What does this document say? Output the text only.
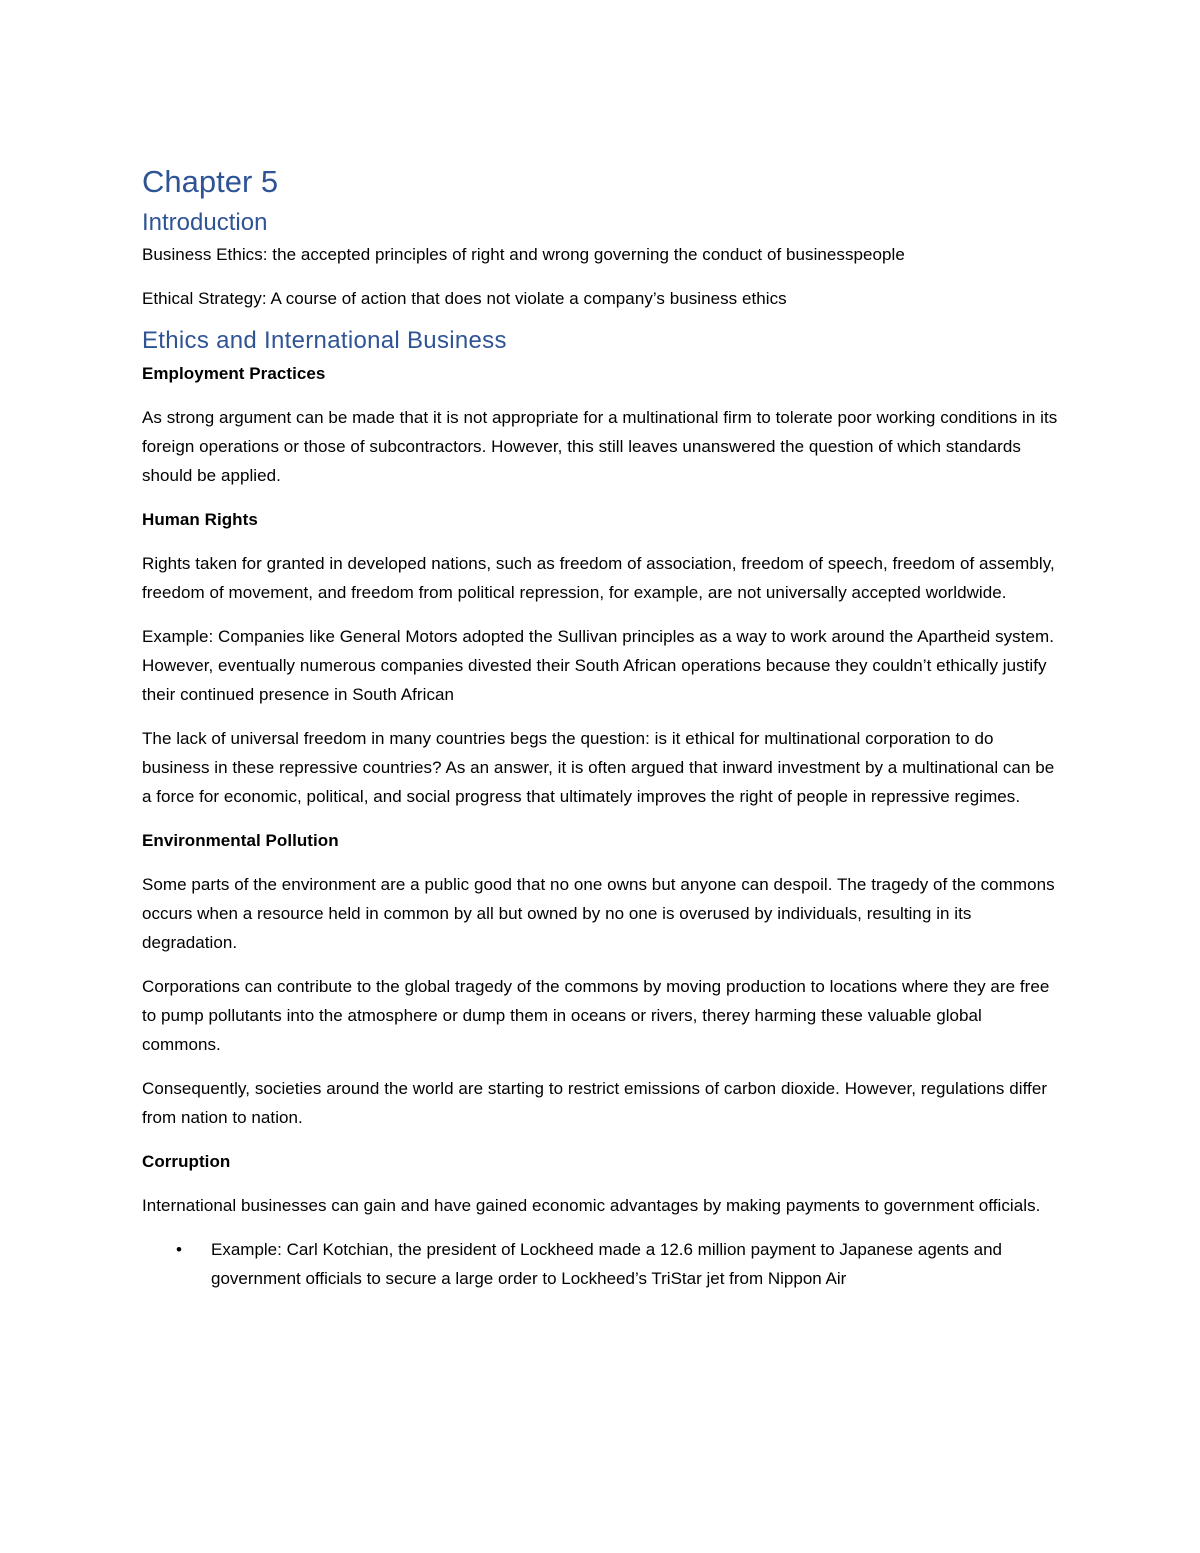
Chapter 5
Introduction

Business Ethics: the accepted principles of right and wrong governing the conduct of businesspeople

Ethical Strategy: A course of action that does not violate a company’s business ethics

Ethics and International Business

Employment Practices

As strong argument can be made that it is not appropriate for a multinational firm to tolerate poor working conditions in its foreign operations or those of subcontractors. However, this still leaves unanswered the question of which standards should be applied.

Human Rights

Rights taken for granted in developed nations, such as freedom of association, freedom of speech, freedom of assembly, freedom of movement, and freedom from political repression, for example, are not universally accepted worldwide.

Example: Companies like General Motors adopted the Sullivan principles as a way to work around the Apartheid system. However, eventually numerous companies divested their South African operations because they couldn’t ethically justify their continued presence in South African

The lack of universal freedom in many countries begs the question: is it ethical for multinational corporation to do business in these repressive countries? As an answer, it is often argued that inward investment by a multinational can be a force for economic, political, and social progress that ultimately improves the right of people in repressive regimes.

Environmental Pollution

Some parts of the environment are a public good that no one owns but anyone can despoil. The tragedy of the commons occurs when a resource held in common by all but owned by no one is overused by individuals, resulting in its degradation.

Corporations can contribute to the global tragedy of the commons by moving production to locations where they are free to pump pollutants into the atmosphere or dump them in oceans or rivers, therey harming these valuable global commons.

Consequently, societies around the world are starting to restrict emissions of carbon dioxide. However, regulations differ from nation to nation.

Corruption

International businesses can gain and have gained economic advantages by making payments to government officials.

• Example: Carl Kotchian, the president of Lockheed made a 12.6 million payment to Japanese agents and government officials to secure a large order to Lockheed’s TriStar jet from Nippon Air
